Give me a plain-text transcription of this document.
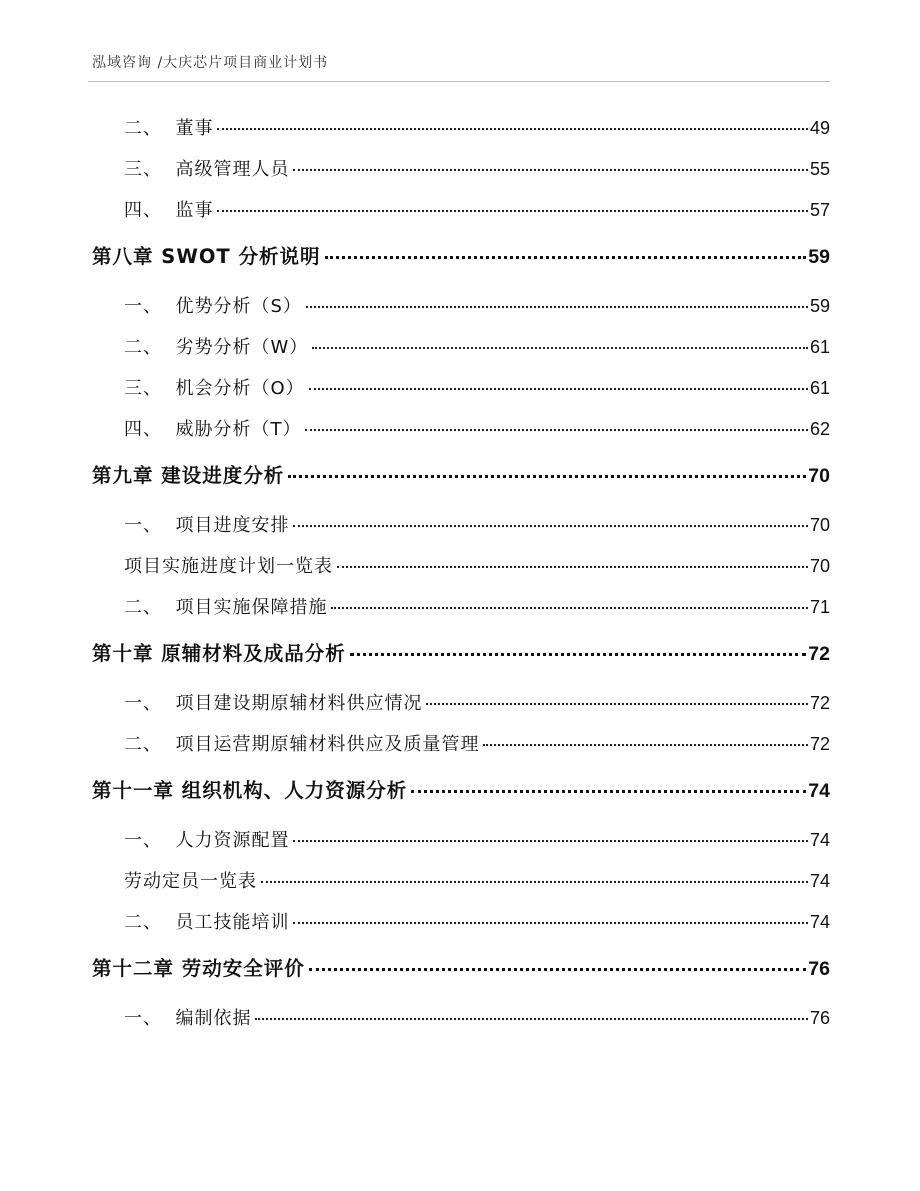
泓域咨询 /大庆芯片项目商业计划书
二、  董事	49
三、  高级管理人员	55
四、  监事	57
第八章 SWOT 分析说明	59
一、  优势分析（S）	59
二、  劣势分析（W）	61
三、  机会分析（O）	61
四、  威胁分析（T）	62
第九章 建设进度分析	70
一、  项目进度安排	70
项目实施进度计划一览表	70
二、  项目实施保障措施	71
第十章 原辅材料及成品分析	72
一、  项目建设期原辅材料供应情况	72
二、  项目运营期原辅材料供应及质量管理	72
第十一章 组织机构、人力资源分析	74
一、  人力资源配置	74
劳动定员一览表	74
二、  员工技能培训	74
第十二章 劳动安全评价	76
一、  编制依据	76
